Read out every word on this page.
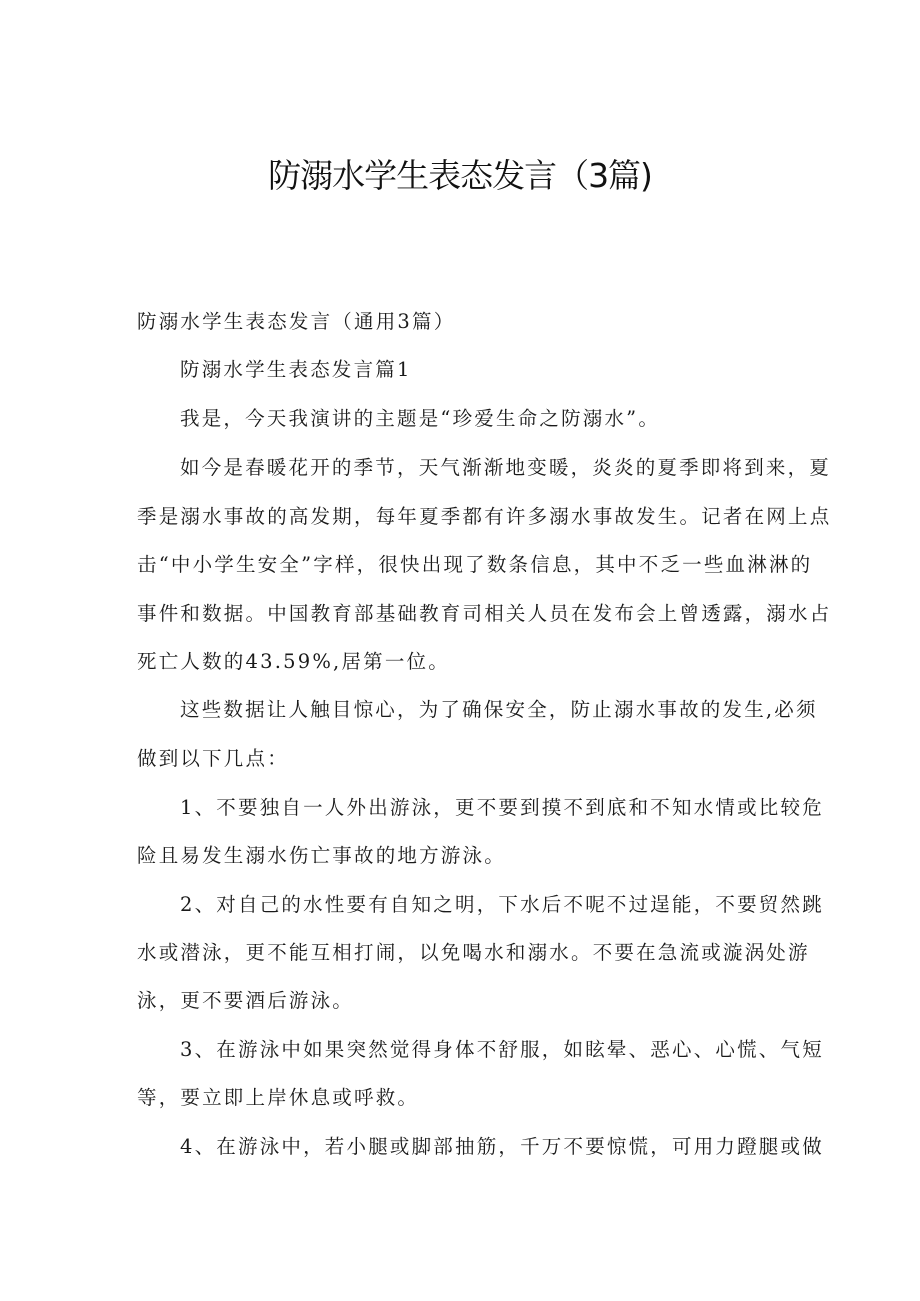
防溺水学生表态发言（3篇)
防溺水学生表态发言（通用3篇）
防溺水学生表态发言篇1
我是，今天我演讲的主题是“珍爱生命之防溺水”。
如今是春暖花开的季节，天气渐渐地变暖，炎炎的夏季即将到来，夏
季是溺水事故的高发期，每年夏季都有许多溺水事故发生。记者在网上点
击“中小学生安全”字样，很快出现了数条信息，其中不乏一些血淋淋的
事件和数据。中国教育部基础教育司相关人员在发布会上曾透露，溺水占
死亡人数的43.59%,居第一位。
这些数据让人触目惊心，为了确保安全，防止溺水事故的发生,必须
做到以下几点：
1、不要独自一人外出游泳，更不要到摸不到底和不知水情或比较危
险且易发生溺水伤亡事故的地方游泳。
2、对自己的水性要有自知之明，下水后不呢不过逞能，不要贸然跳
水或潜泳，更不能互相打闹，以免喝水和溺水。不要在急流或漩涡处游
泳，更不要酒后游泳。
3、在游泳中如果突然觉得身体不舒服，如眩晕、恶心、心慌、气短
等，要立即上岸休息或呼救。
4、在游泳中，若小腿或脚部抽筋，千万不要惊慌，可用力蹬腿或做
